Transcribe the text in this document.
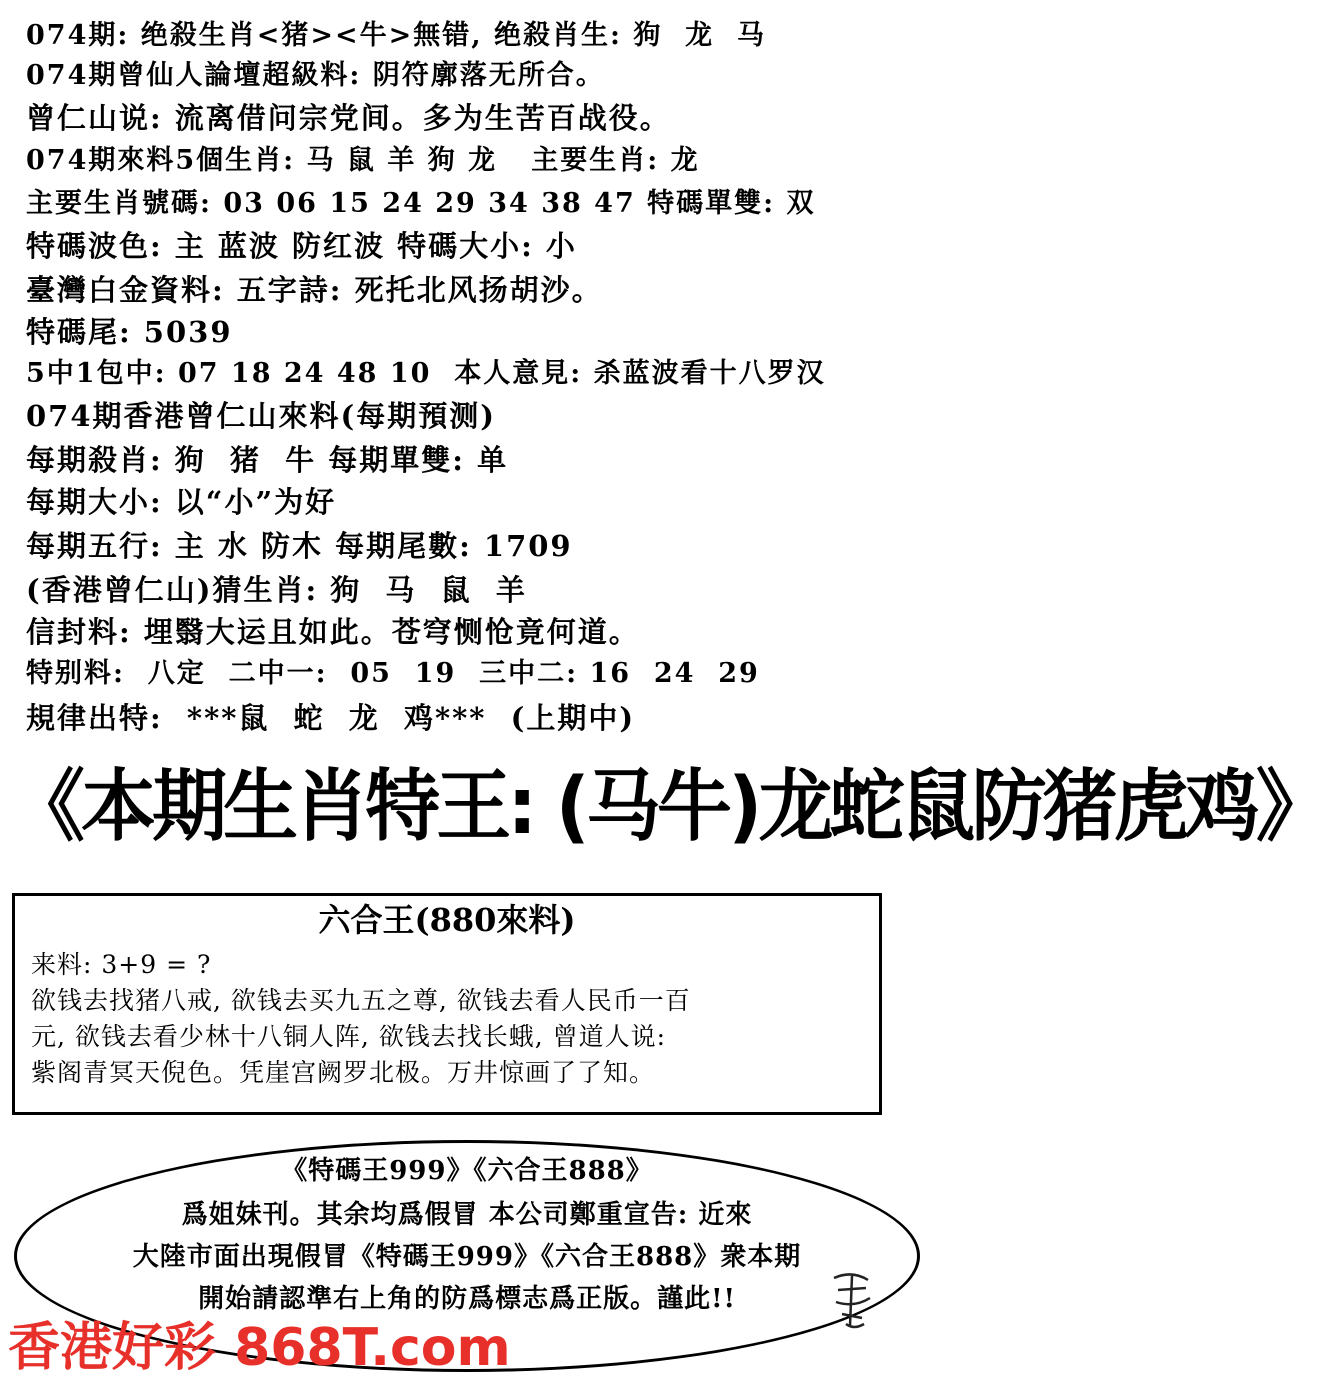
074期: 绝殺生肖<猪><牛>無错, 绝殺肖生: 狗  龙  马
074期曾仙人論壇超級料: 阴符廓落无所合。
曾仁山说: 流离借问宗党间。多为生苦百战役。
074期來料5個生肖: 马 鼠 羊 狗 龙   主要生肖: 龙
主要生肖號碼: 03 06 15 24 29 34 38 47 特碼單雙: 双
特碼波色: 主 蓝波 防红波 特碼大小: 小
臺灣白金資料: 五字詩: 死托北风扬胡沙。
特碼尾: 5039
5中1包中: 07 18 24 48 10  本人意見: 杀蓝波看十八罗汉
074期香港曾仁山來料(每期預测)
每期殺肖: 狗  猪  牛 每期單雙: 单
每期大小: 以“小”为好
每期五行: 主 水 防木 每期尾數: 1709
(香港曾仁山)猜生肖: 狗  马  鼠  羊
信封料: 埋翳大运且如此。苍穹恻怆竟何道。
特别料:  八定  二中一:  05  19  三中二: 16  24  29
規律出特:  ***鼠  蛇  龙  鸡***  (上期中)
《本期生肖特王: (马牛)龙蛇鼠防猪虎鸡》
六合王(880來料)
来料: 3+9 = ?
欲钱去找猪八戒, 欲钱去买九五之尊, 欲钱去看人民币一百
元, 欲钱去看少林十八铜人阵, 欲钱去找长蛾, 曾道人说:
紫阁青冥天倪色。凭崖宫阙罗北极。万井惊画了了知。
《特碼王999》《六合王888》
爲姐妹刊。其余均爲假冒 本公司鄭重宣告: 近來
大陸市面出現假冒《特碼王999》《六合王888》衆本期
開始請認準右上角的防爲標志爲正版。謹此!!
香港好彩 868T.com
